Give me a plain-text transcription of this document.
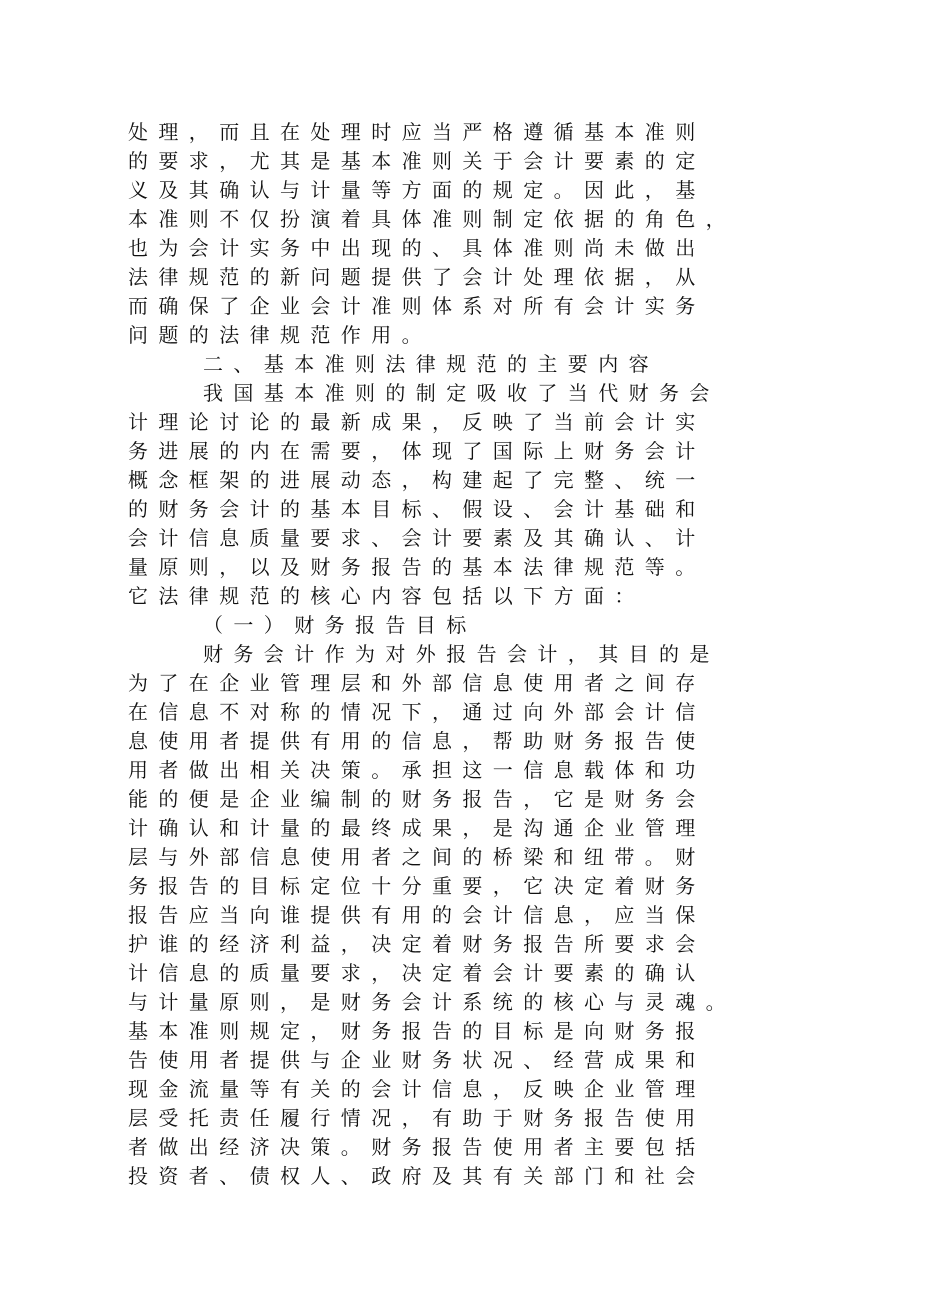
处理，而且在处理时应当严格遵循基本准则
的要求，尤其是基本准则关于会计要素的定
义及其确认与计量等方面的规定。因此，基
本准则不仅扮演着具体准则制定依据的角色，
也为会计实务中出现的、具体准则尚未做出
法律规范的新问题提供了会计处理依据，从
而确保了企业会计准则体系对所有会计实务
问题的法律规范作用。
二、基本准则法律规范的主要内容
我国基本准则的制定吸收了当代财务会
计理论讨论的最新成果，反映了当前会计实
务进展的内在需要，体现了国际上财务会计
概念框架的进展动态，构建起了完整、统一
的财务会计的基本目标、假设、会计基础和
会计信息质量要求、会计要素及其确认、计
量原则，以及财务报告的基本法律规范等。
它法律规范的核心内容包括以下方面：
（一）财务报告目标
财务会计作为对外报告会计，其目的是
为了在企业管理层和外部信息使用者之间存
在信息不对称的情况下，通过向外部会计信
息使用者提供有用的信息，帮助财务报告使
用者做出相关决策。承担这一信息载体和功
能的便是企业编制的财务报告，它是财务会
计确认和计量的最终成果，是沟通企业管理
层与外部信息使用者之间的桥梁和纽带。财
务报告的目标定位十分重要，它决定着财务
报告应当向谁提供有用的会计信息，应当保
护谁的经济利益，决定着财务报告所要求会
计信息的质量要求，决定着会计要素的确认
与计量原则，是财务会计系统的核心与灵魂。
基本准则规定，财务报告的目标是向财务报
告使用者提供与企业财务状况、经营成果和
现金流量等有关的会计信息，反映企业管理
层受托责任履行情况，有助于财务报告使用
者做出经济决策。财务报告使用者主要包括
投资者、债权人、政府及其有关部门和社会
